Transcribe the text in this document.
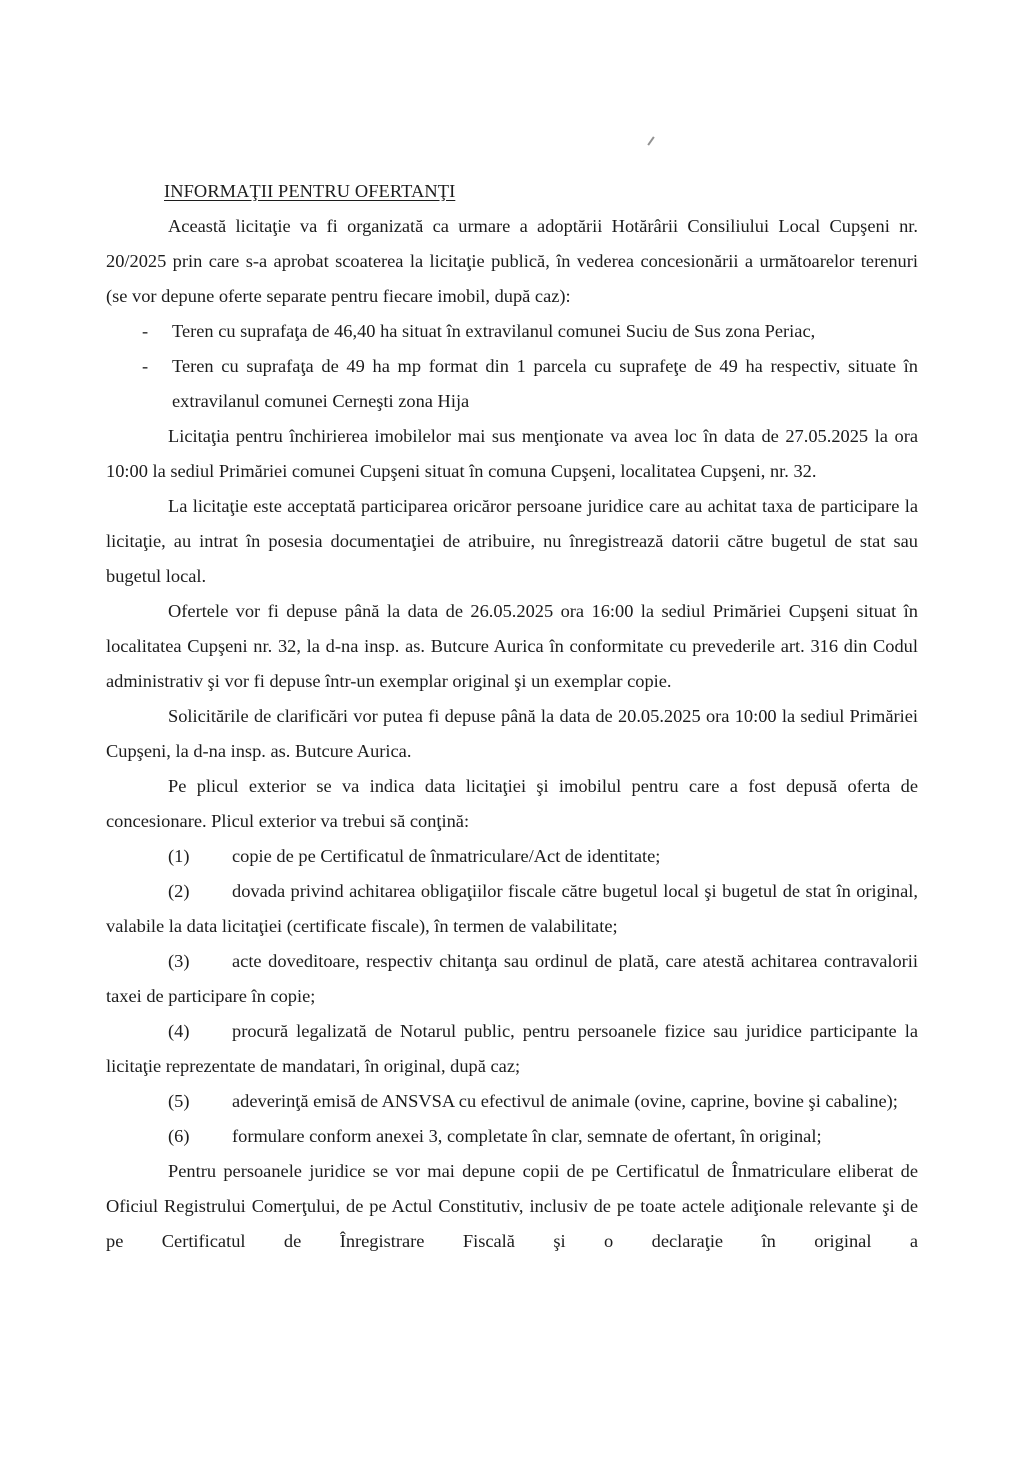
INFORMAŢII PENTRU OFERTANŢI

Această licitaţie va fi organizată ca urmare a adoptării Hotărârii Consiliului Local Cupşeni nr. 20/2025 prin care s-a aprobat scoaterea la licitaţie publică, în vederea concesionării a următoarelor terenuri (se vor depune oferte separate pentru fiecare imobil, după caz):

- Teren cu suprafaţa de 46,40 ha situat în extravilanul comunei Suciu de Sus zona Periac,

- Teren cu suprafaţa de 49 ha mp format din 1 parcela cu suprafeţe de 49 ha respectiv, situate în extravilanul comunei Cerneşti zona Hija

Licitaţia pentru închirierea imobilelor mai sus menţionate va avea loc în data de 27.05.2025 la ora 10:00 la sediul Primăriei comunei Cupşeni situat în comuna Cupşeni, localitatea Cupşeni, nr. 32.

La licitaţie este acceptată participarea oricăror persoane juridice care au achitat taxa de participare la licitaţie, au intrat în posesia documentaţiei de atribuire, nu înregistrează datorii către bugetul de stat sau bugetul local.

Ofertele vor fi depuse până la data de 26.05.2025 ora 16:00 la sediul Primăriei Cupşeni situat în localitatea Cupşeni nr. 32, la d-na insp. as. Butcure Aurica în conformitate cu prevederile art. 316 din Codul administrativ şi vor fi depuse într-un exemplar original şi un exemplar copie.

Solicitările de clarificări vor putea fi depuse până la data de 20.05.2025 ora 10:00 la sediul Primăriei Cupşeni, la d-na insp. as. Butcure Aurica.

Pe plicul exterior se va indica data licitaţiei şi imobilul pentru care a fost depusă oferta de concesionare. Plicul exterior va trebui să conţină:

(1) copie de pe Certificatul de înmatriculare/Act de identitate;

(2) dovada privind achitarea obligaţiilor fiscale către bugetul local şi bugetul de stat în original, valabile la data licitaţiei (certificate fiscale), în termen de valabilitate;

(3) acte doveditoare, respectiv chitanţa sau ordinul de plată, care atestă achitarea contravalorii taxei de participare în copie;

(4) procură legalizată de Notarul public, pentru persoanele fizice sau juridice participante la licitaţie reprezentate de mandatari, în original, după caz;

(5) adeverinţă emisă de ANSVSA cu efectivul de animale (ovine, caprine, bovine şi cabaline);

(6) formulare conform anexei 3, completate în clar, semnate de ofertant, în original;

Pentru persoanele juridice se vor mai depune copii de pe Certificatul de Înmatriculare eliberat de Oficiul Registrului Comerţului, de pe Actul Constitutiv, inclusiv de pe toate actele adiţionale relevante şi de pe Certificatul de Înregistrare Fiscală şi o declaraţie în original a
